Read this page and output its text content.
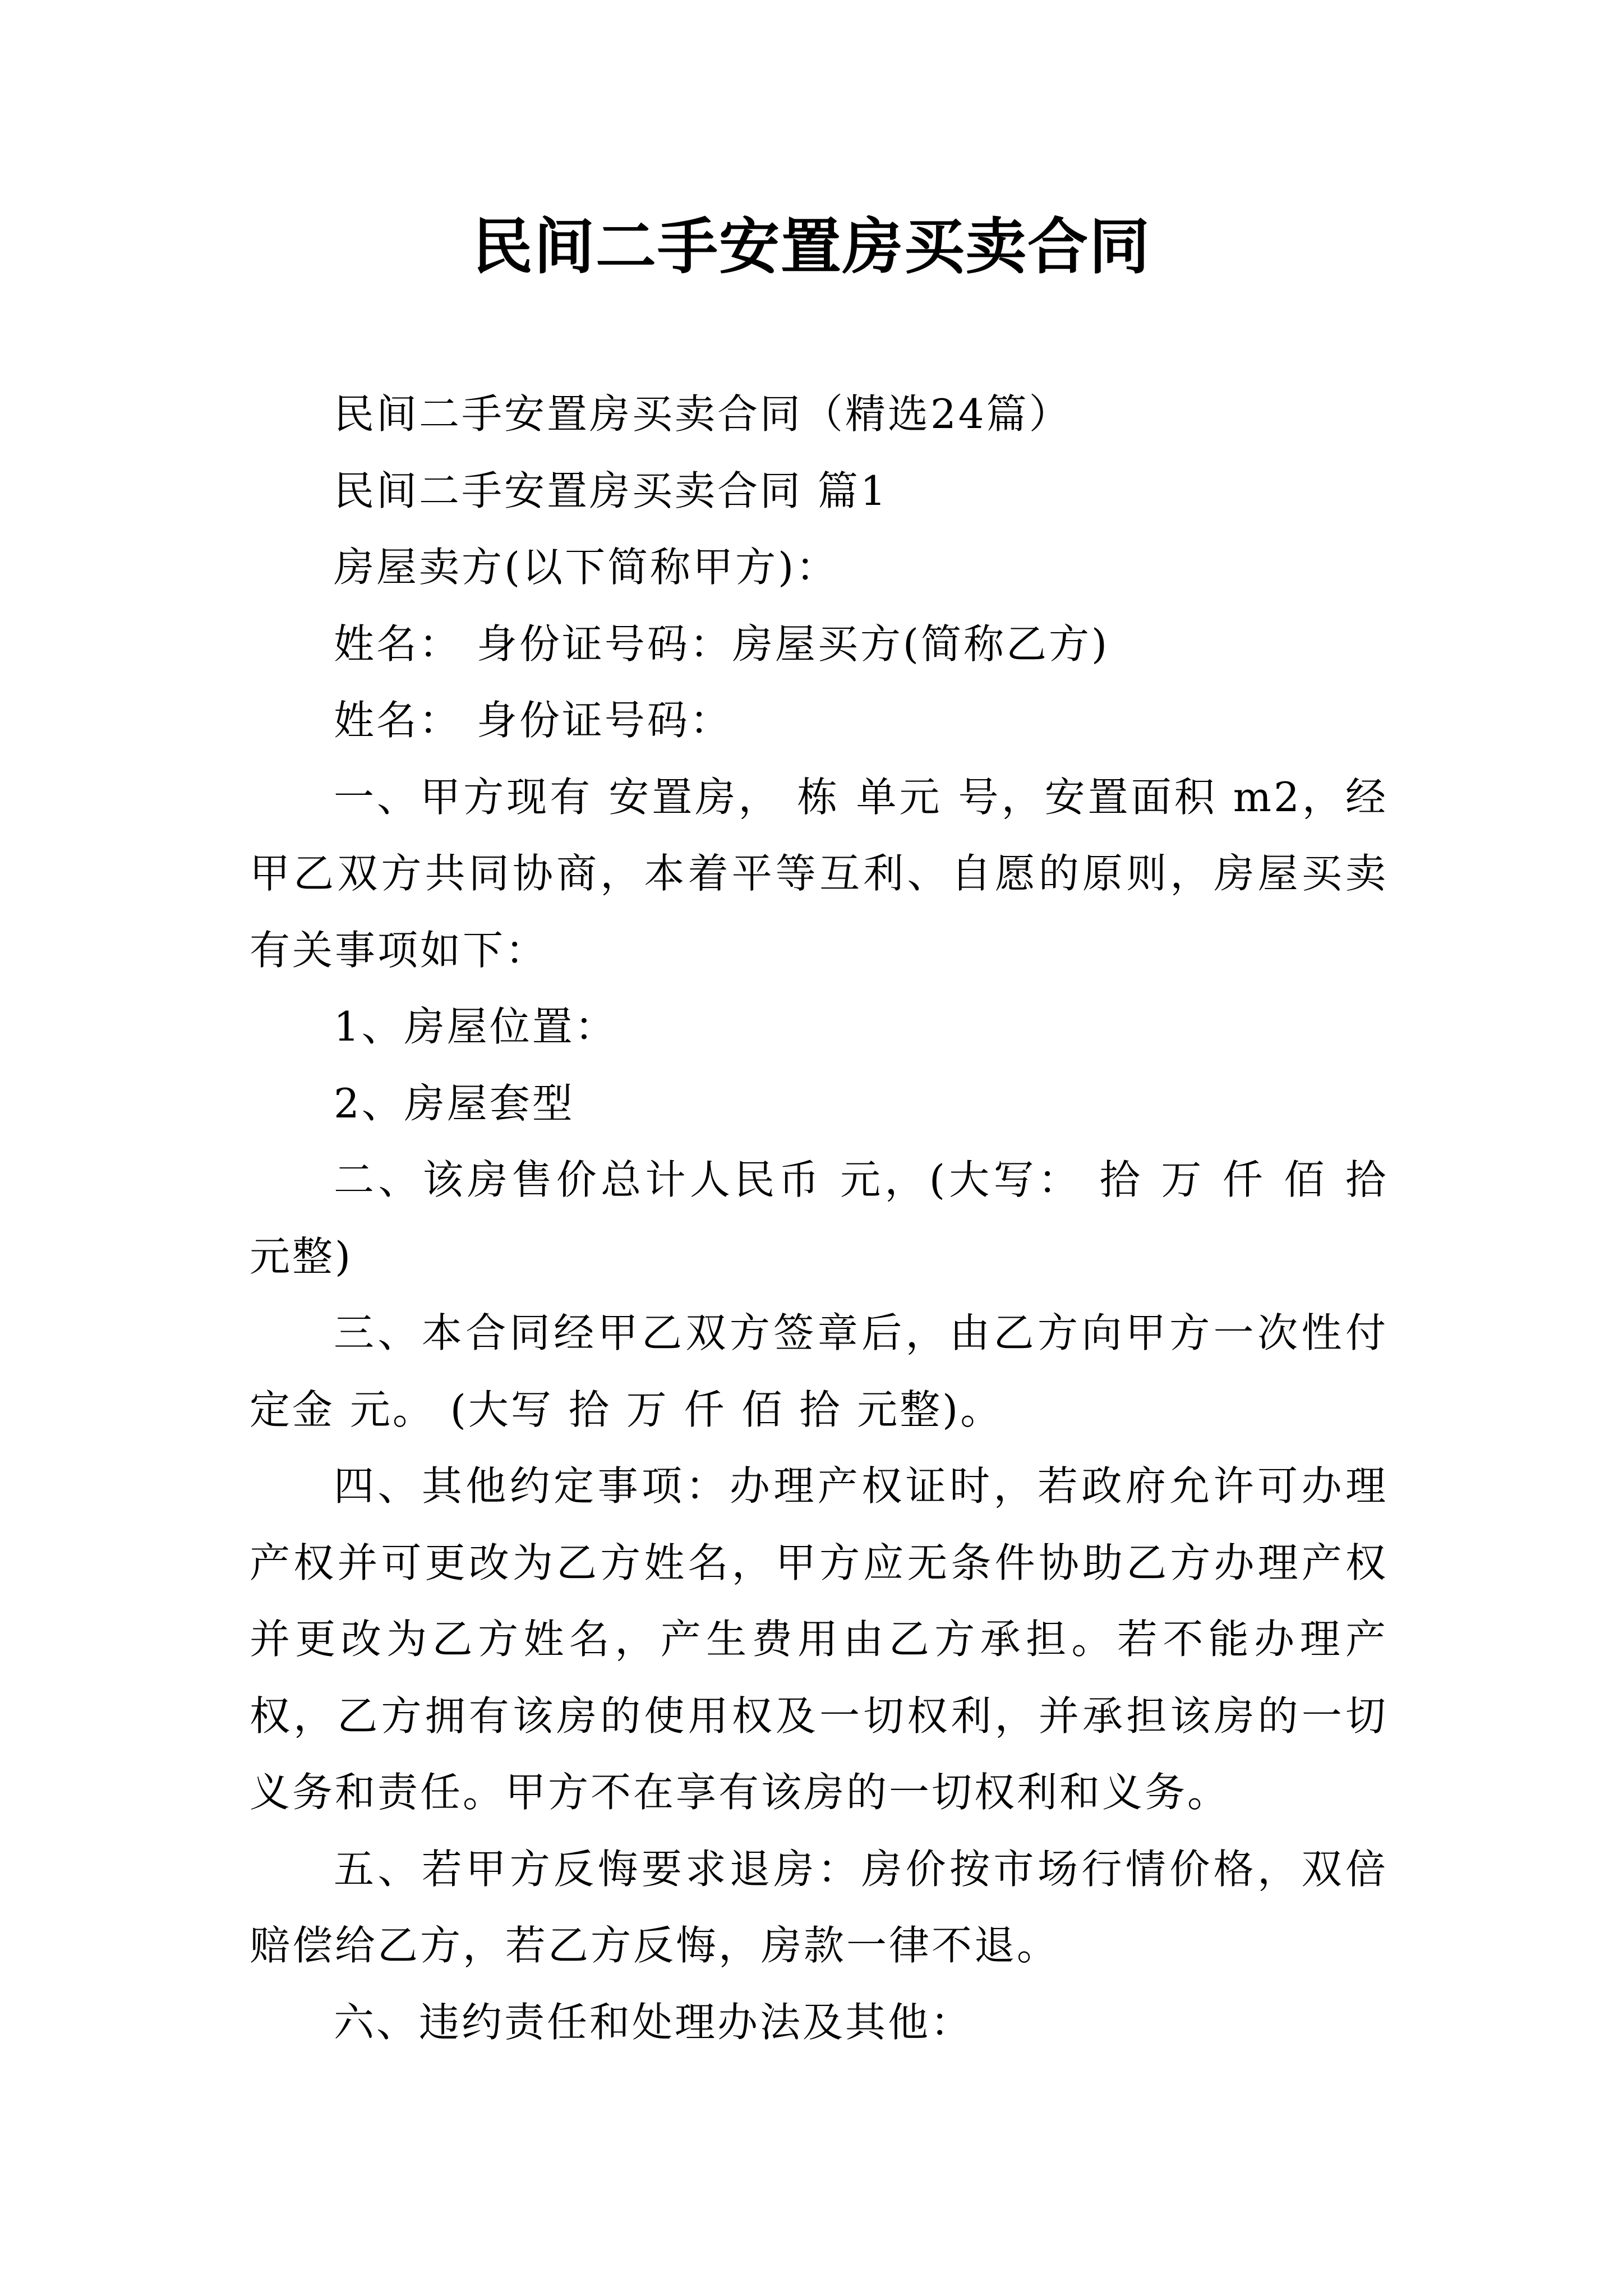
民间二手安置房买卖合同

民间二手安置房买卖合同（精选24篇）

民间二手安置房买卖合同 篇1

房屋卖方(以下简称甲方)：

姓名： 身份证号码：房屋买方(简称乙方)

姓名： 身份证号码：

一、甲方现有 安置房， 栋 单元 号，安置面积 m2，经甲乙双方共同协商，本着平等互利、自愿的原则，房屋买卖有关事项如下：

1、房屋位置：

2、房屋套型

二、该房售价总计人民币 元，(大写： 拾 万 仟 佰 拾 元整)

三、本合同经甲乙双方签章后，由乙方向甲方一次性付定金 元。 (大写 拾 万 仟 佰 拾 元整)。

四、其他约定事项：办理产权证时，若政府允许可办理产权并可更改为乙方姓名，甲方应无条件协助乙方办理产权并更改为乙方姓名，产生费用由乙方承担。若不能办理产权，乙方拥有该房的使用权及一切权利，并承担该房的一切义务和责任。甲方不在享有该房的一切权利和义务。

五、若甲方反悔要求退房：房价按市场行情价格，双倍赔偿给乙方，若乙方反悔，房款一律不退。

六、违约责任和处理办法及其他：
